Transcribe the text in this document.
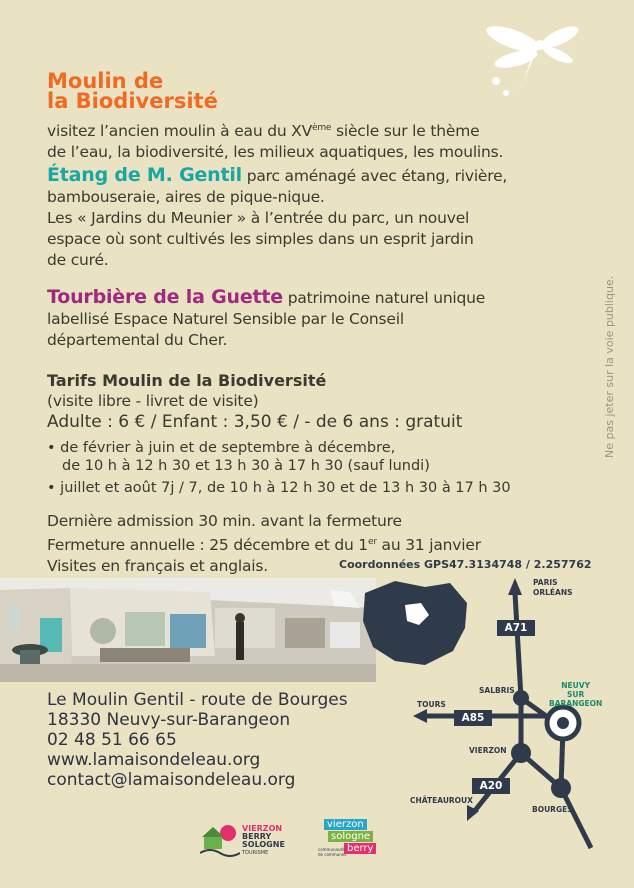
Moulin de
la Biodiversité
visitez l’ancien moulin à eau du XVème siècle sur le thème
de l’eau, la biodiversité, les milieux aquatiques, les moulins.
Étang de M. Gentil parc aménagé avec étang, rivière,
bambouseraie, aires de pique-nique.
Les « Jardins du Meunier » à l’entrée du parc, un nouvel
espace où sont cultivés les simples dans un esprit jardin
de curé.
Tourbière de la Guette patrimoine naturel unique
labellisé Espace Naturel Sensible par le Conseil
départemental du Cher.
Tarifs Moulin de la Biodiversité
(visite libre - livret de visite)
Adulte : 6 € / Enfant : 3,50 € / - de 6 ans : gratuit
• de février à juin et de septembre à décembre,
de 10 h à 12 h 30 et 13 h 30 à 17 h 30 (sauf lundi)
• juillet et août 7j / 7, de 10 h à 12 h 30 et de 13 h 30 à 17 h 30
Dernière admission 30 min. avant la fermeture
Fermeture annuelle : 25 décembre et du 1er au 31 janvier
Visites en français et anglais.	Coordonnées GPS47.3134748 / 2.257762
Ne pas jeter sur la voie publique.
PARIS
ORLÉANS
A71
SALBRIS
NEUVY
SUR
BARANGEON
TOURS
A85
VIERZON
A20
CHÂTEAUROUX
BOURGES
Le Moulin Gentil - route de Bourges
18330 Neuvy-sur-Barangeon
02 48 51 66 65
www.lamaisondeleau.org
contact@lamaisondeleau.org
VIERZON
BERRY
SOLOGNE
TOURISME
vierzon
sologne
berry
communauté
de communes
